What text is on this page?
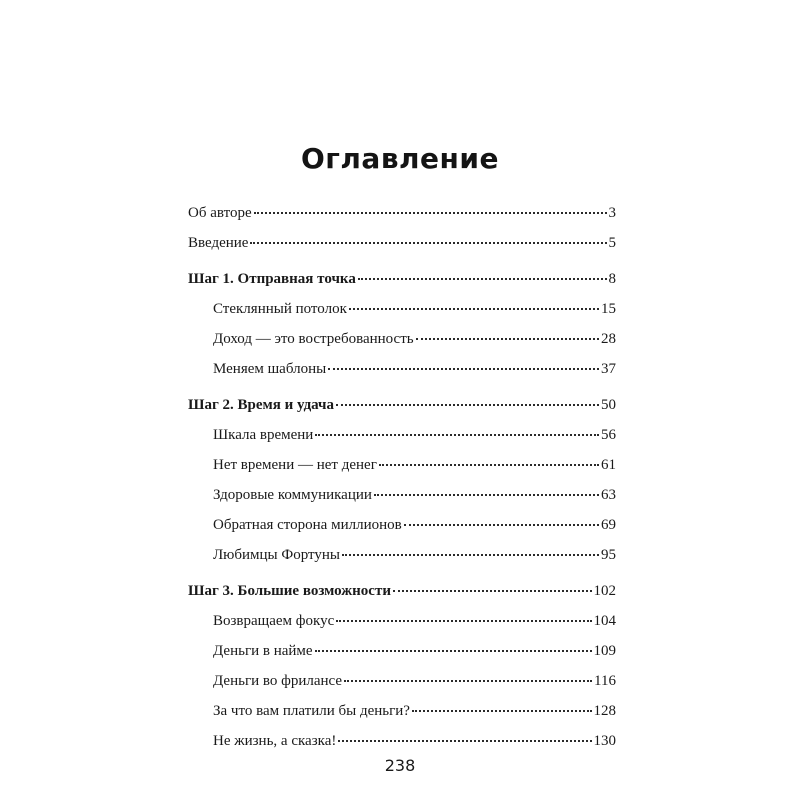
Оглавление
Об авторе	3
Введение	5
Шаг 1. Отправная точка	8
Стеклянный потолок	15
Доход — это востребованность	28
Меняем шаблоны	37
Шаг 2. Время и удача	50
Шкала времени	56
Нет времени — нет денег	61
Здоровые коммуникации	63
Обратная сторона миллионов	69
Любимцы Фортуны	95
Шаг 3. Большие возможности	102
Возвращаем фокус	104
Деньги в найме	109
Деньги во фрилансе	116
За что вам платили бы деньги?	128
Не жизнь, а сказка!	130
238
